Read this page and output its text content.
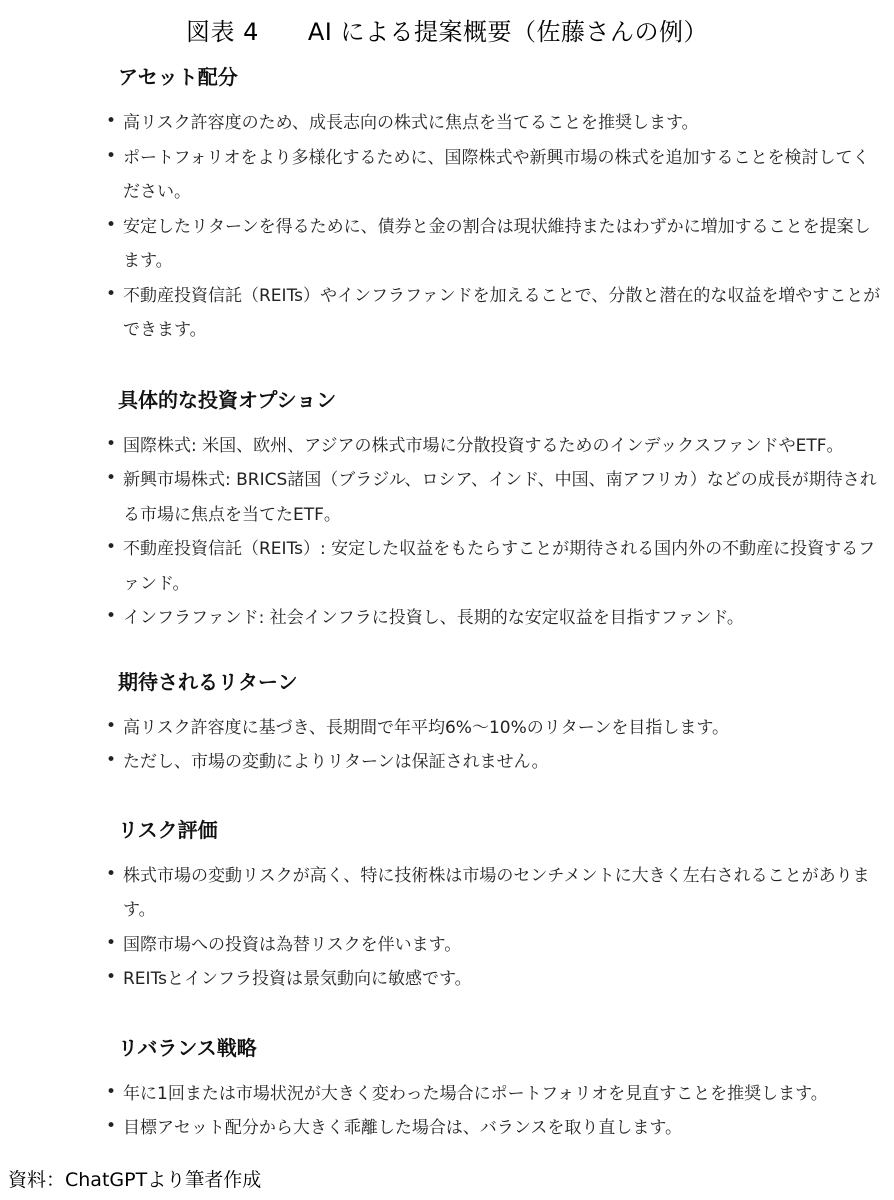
図表 4　　AI による提案概要（佐藤さんの例）
アセット配分
• 高リスク許容度のため、成長志向の株式に焦点を当てることを推奨します。
• ポートフォリオをより多様化するために、国際株式や新興市場の株式を追加することを検討してください。
• 安定したリターンを得るために、債券と金の割合は現状維持またはわずかに増加することを提案します。
• 不動産投資信託（REITs）やインフラファンドを加えることで、分散と潜在的な収益を増やすことができます。
具体的な投資オプション
• 国際株式: 米国、欧州、アジアの株式市場に分散投資するためのインデックスファンドやETF。
• 新興市場株式: BRICS諸国（ブラジル、ロシア、インド、中国、南アフリカ）などの成長が期待される市場に焦点を当てたETF。
• 不動産投資信託（REITs）: 安定した収益をもたらすことが期待される国内外の不動産に投資するファンド。
• インフラファンド: 社会インフラに投資し、長期的な安定収益を目指すファンド。
期待されるリターン
• 高リスク許容度に基づき、長期間で年平均6%～10%のリターンを目指します。
• ただし、市場の変動によりリターンは保証されません。
リスク評価
• 株式市場の変動リスクが高く、特に技術株は市場のセンチメントに大きく左右されることがあります。
• 国際市場への投資は為替リスクを伴います。
• REITsとインフラ投資は景気動向に敏感です。
リバランス戦略
• 年に1回または市場状況が大きく変わった場合にポートフォリオを見直すことを推奨します。
• 目標アセット配分から大きく乖離した場合は、バランスを取り直します。
資料：ChatGPTより筆者作成
